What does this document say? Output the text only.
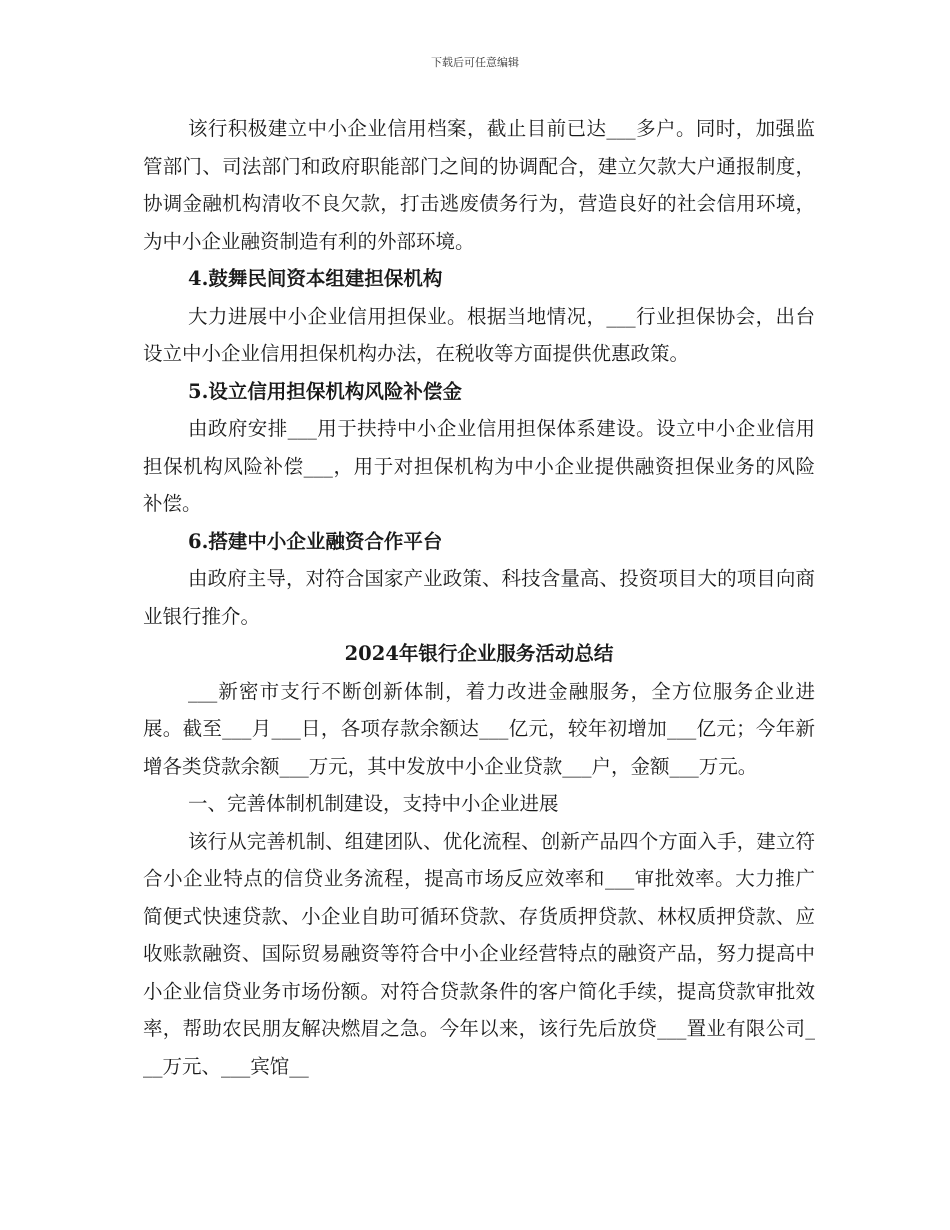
下载后可任意编辑

该行积极建立中小企业信用档案，截止目前已达___多户。同时，加强监管部门、司法部门和政府职能部门之间的协调配合，建立欠款大户通报制度，协调金融机构清收不良欠款，打击逃废债务行为，营造良好的社会信用环境，为中小企业融资制造有利的外部环境。

4.鼓舞民间资本组建担保机构

大力进展中小企业信用担保业。根据当地情况，___行业担保协会，出台设立中小企业信用担保机构办法，在税收等方面提供优惠政策。

5.设立信用担保机构风险补偿金

由政府安排___用于扶持中小企业信用担保体系建设。设立中小企业信用担保机构风险补偿___，用于对担保机构为中小企业提供融资担保业务的风险补偿。

6.搭建中小企业融资合作平台

由政府主导，对符合国家产业政策、科技含量高、投资项目大的项目向商业银行推介。

2024年银行企业服务活动总结

___新密市支行不断创新体制，着力改进金融服务，全方位服务企业进展。截至___月___日，各项存款余额达___亿元，较年初增加___亿元；今年新增各类贷款余额___万元，其中发放中小企业贷款___户，金额___万元。

一、完善体制机制建设，支持中小企业进展

该行从完善机制、组建团队、优化流程、创新产品四个方面入手，建立符合小企业特点的信贷业务流程，提高市场反应效率和___审批效率。大力推广简便式快速贷款、小企业自助可循环贷款、存货质押贷款、林权质押贷款、应收账款融资、国际贸易融资等符合中小企业经营特点的融资产品，努力提高中小企业信贷业务市场份额。对符合贷款条件的客户简化手续，提高贷款审批效率，帮助农民朋友解决燃眉之急。今年以来，该行先后放贷___置业有限公司___万元、___宾馆__
